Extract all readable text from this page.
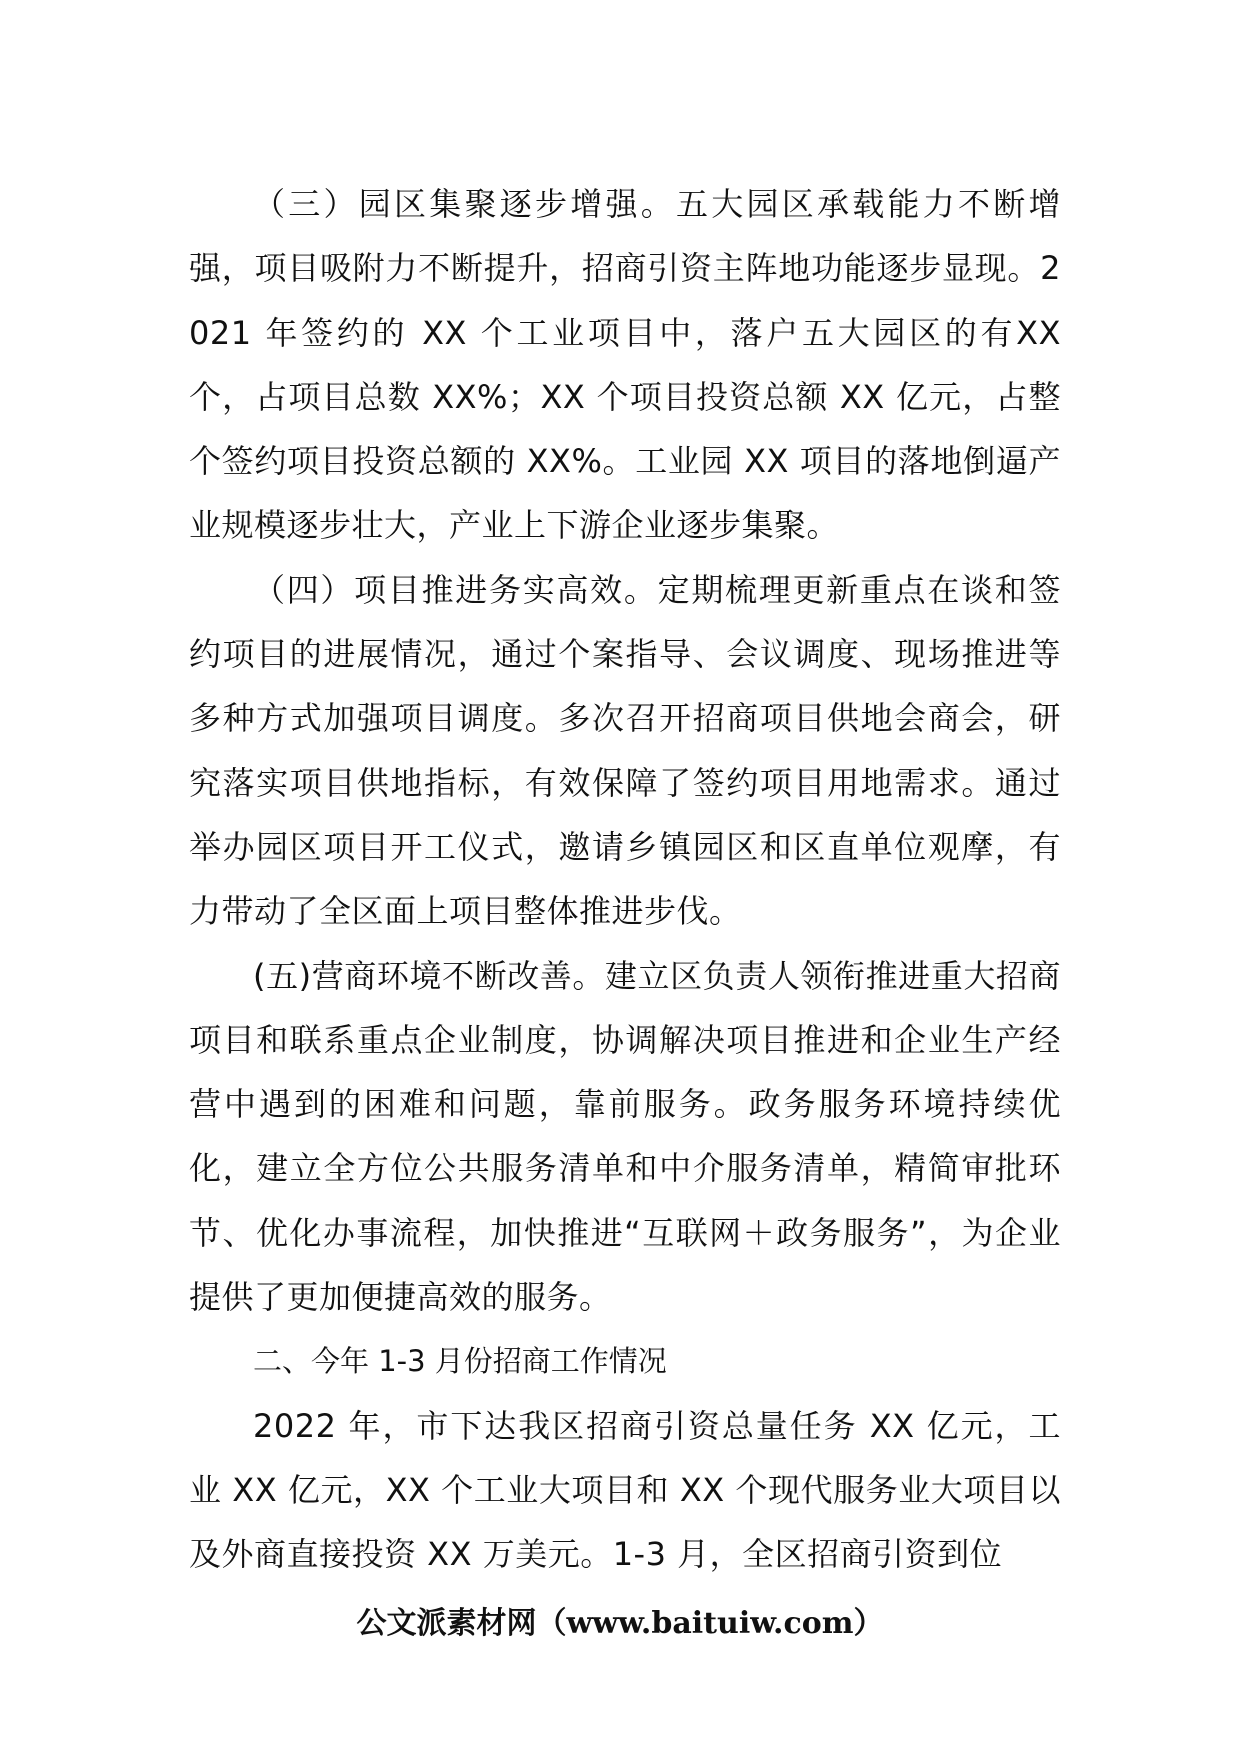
（三）园区集聚逐步增强。五大园区承载能力不断增强，项目吸附力不断提升，招商引资主阵地功能逐步显现。2021 年签约的 XX 个工业项目中，落户五大园区的有XX 个，占项目总数 XX%；XX 个项目投资总额 XX 亿元，占整个签约项目投资总额的 XX%。工业园 XX 项目的落地倒逼产业规模逐步壮大，产业上下游企业逐步集聚。

（四）项目推进务实高效。定期梳理更新重点在谈和签约项目的进展情况，通过个案指导、会议调度、现场推进等多种方式加强项目调度。多次召开招商项目供地会商会，研究落实项目供地指标，有效保障了签约项目用地需求。通过举办园区项目开工仪式，邀请乡镇园区和区直单位观摩，有力带动了全区面上项目整体推进步伐。

(五)营商环境不断改善。建立区负责人领衔推进重大招商项目和联系重点企业制度，协调解决项目推进和企业生产经营中遇到的困难和问题，靠前服务。政务服务环境持续优化，建立全方位公共服务清单和中介服务清单，精简审批环节、优化办事流程，加快推进“互联网＋政务服务”，为企业提供了更加便捷高效的服务。

二、今年 1-3 月份招商工作情况

2022 年，市下达我区招商引资总量任务 XX 亿元，工业 XX 亿元，XX 个工业大项目和 XX 个现代服务业大项目以及外商直接投资 XX 万美元。1-3 月，全区招商引资到位

公文派素材网（www.baituiw.com）
